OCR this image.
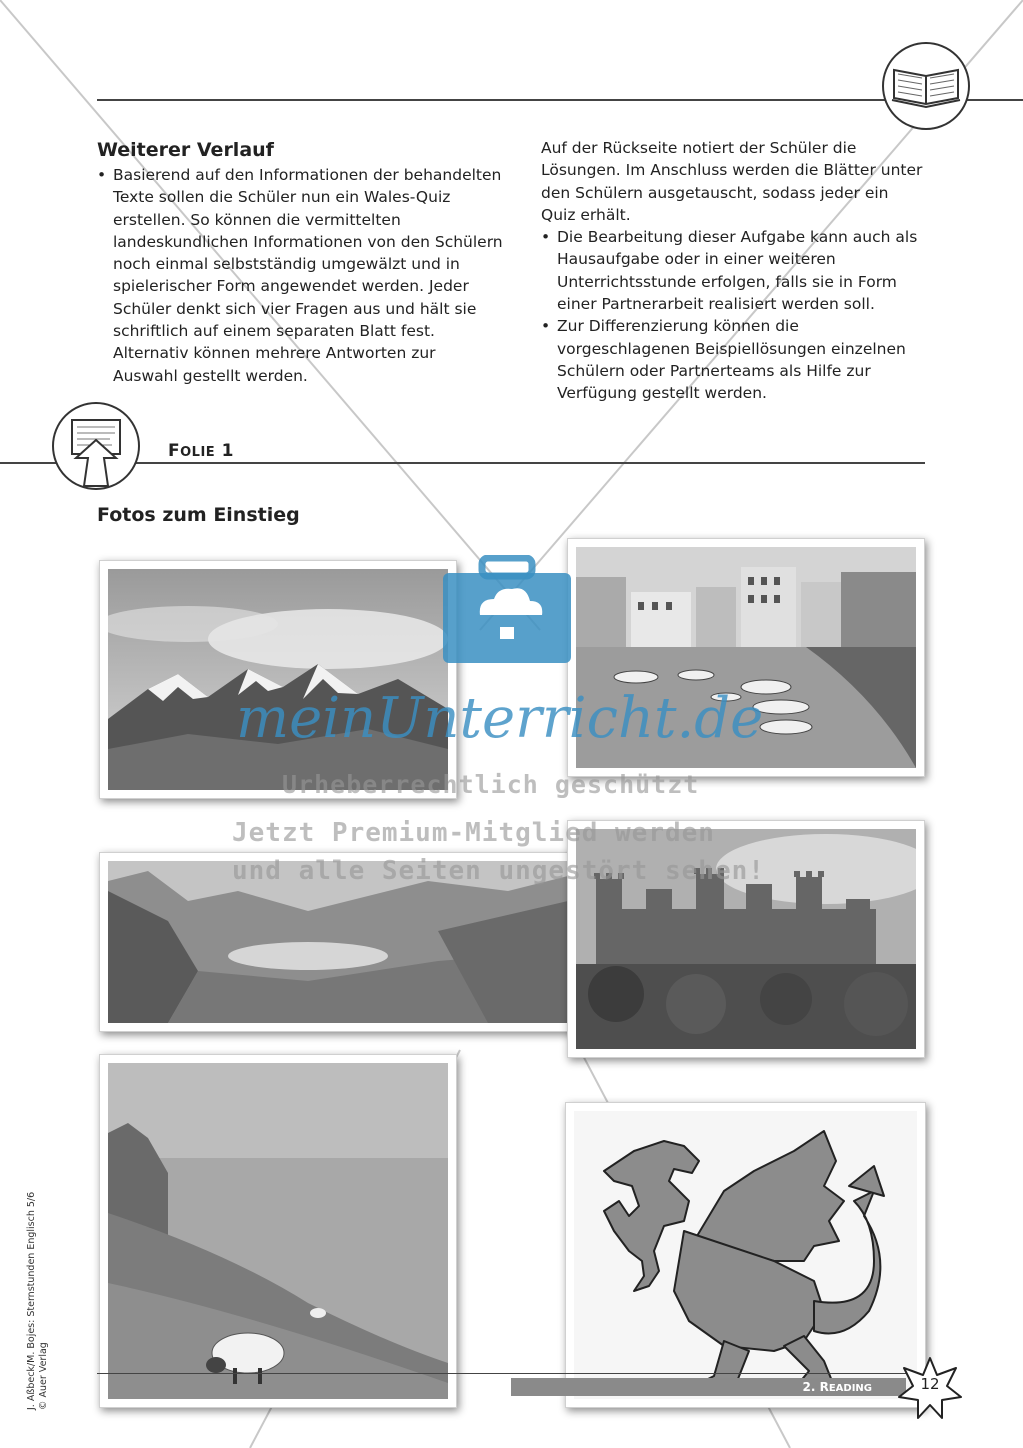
Weiterer Verlauf
• Basierend auf den Informationen der behandelten Texte sollen die Schüler nun ein Wales-Quiz erstellen. So können die vermittelten landeskundlichen Informationen von den Schülern noch einmal selbstständig umgewälzt und in spielerischer Form angewendet werden. Jeder Schüler denkt sich vier Fragen aus und hält sie schriftlich auf einem separaten Blatt fest. Alternativ können mehrere Antworten zur Auswahl gestellt werden.

Auf der Rückseite notiert der Schüler die Lösungen. Im Anschluss werden die Blätter unter den Schülern ausgetauscht, sodass jeder ein Quiz erhält.

• Die Bearbeitung dieser Aufgabe kann auch als Hausaufgabe oder in einer weiteren Unterrichtsstunde erfolgen, falls sie in Form einer Partnerarbeit realisiert werden soll.
• Zur Differenzierung können die vorgeschlagenen Beispiellösungen einzelnen Schülern oder Partnerteams als Hilfe zur Verfügung gestellt werden.
FOLIE 1
Fotos zum Einstieg
meinUnterricht.de
Urheberrechtlich geschützt
Jetzt Premium-Mitglied werden
und alle Seiten ungestört sehen!
J. Aßbeck/M. Bojes: Sternstunden Englisch 5/6 © Auer Verlag	2. READING	12
